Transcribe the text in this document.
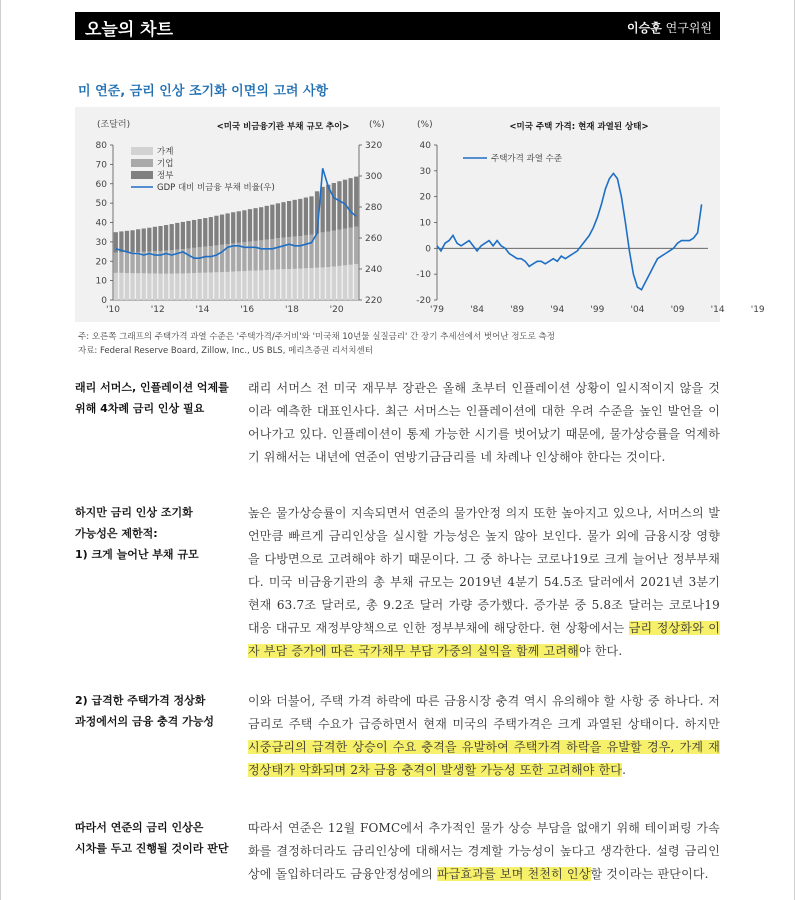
오늘의 차트	이승훈 연구위원
미 연준, 금리 인상 조기화 이면의 고려 사항
<미국 비금융기관 부채 규모 추이>
(조달러)	(%)
80
70
60
50
40
30
20
10
0
320
300
280
260
240
220
'10	'12	'14	'16	'18	'20
가계
기업
정부
GDP 대비 비금융 부채 비율(우)
<미국 주택 가격: 현재 과열된 상태>
(%)
40
30
20
10
0
-10
-20
'79	'84	'89	'94	'99	'04	'09	'14	'19
주택가격 과열 수준
주: 오른쪽 그래프의 주택가격 과열 수준은 '주택가격/주거비'와 '미국채 10년물 실질금리' 간 장기 추세선에서 벗어난 정도로 측정
자료: Federal Reserve Board, Zillow, Inc., US BLS, 메리츠증권 리서치센터
래리 서머스, 인플레이션 억제를
위해 4차례 금리 인상 필요
래리 서머스 전 미국 재무부 장관은 올해 초부터 인플레이션 상황이 일시적이지 않을 것이라 예측한 대표인사다. 최근 서머스는 인플레이션에 대한 우려 수준을 높인 발언을 이어나가고 있다. 인플레이션이 통제 가능한 시기를 벗어났기 때문에, 물가상승률을 억제하기 위해서는 내년에 연준이 연방기금금리를 네 차례나 인상해야 한다는 것이다.
하지만 금리 인상 조기화
가능성은 제한적:
1) 크게 늘어난 부채 규모
높은 물가상승률이 지속되면서 연준의 물가안정 의지 또한 높아지고 있으나, 서머스의 발언만큼 빠르게 금리인상을 실시할 가능성은 높지 않아 보인다. 물가 외에 금융시장 영향을 다방면으로 고려해야 하기 때문이다. 그 중 하나는 코로나19로 크게 늘어난 정부부채다. 미국 비금융기관의 총 부채 규모는 2019년 4분기 54.5조 달러에서 2021년 3분기 현재 63.7조 달러로, 총 9.2조 달러 가량 증가했다. 증가분 중 5.8조 달러는 코로나19 대응 대규모 재정부양책으로 인한 정부부채에 해당한다. 현 상황에서는 금리 정상화와 이자 부담 증가에 따른 국가채무 부담 가중의 실익을 함께 고려해야 한다.
2) 급격한 주택가격 정상화
과정에서의 금융 충격 가능성
이와 더불어, 주택 가격 하락에 따른 금융시장 충격 역시 유의해야 할 사항 중 하나다. 저금리로 주택 수요가 급증하면서 현재 미국의 주택가격은 크게 과열된 상태이다. 하지만 시중금리의 급격한 상승이 수요 충격을 유발하여 주택가격 하락을 유발할 경우, 가계 재정상태가 악화되며 2차 금융 충격이 발생할 가능성 또한 고려해야 한다.
따라서 연준의 금리 인상은
시차를 두고 진행될 것이라 판단
따라서 연준은 12월 FOMC에서 추가적인 물가 상승 부담을 없애기 위해 테이퍼링 가속화를 결정하더라도 금리인상에 대해서는 경계할 가능성이 높다고 생각한다. 설령 금리인상에 돌입하더라도 금융안정성에의 파급효과를 보며 천천히 인상할 것이라는 판단이다.
